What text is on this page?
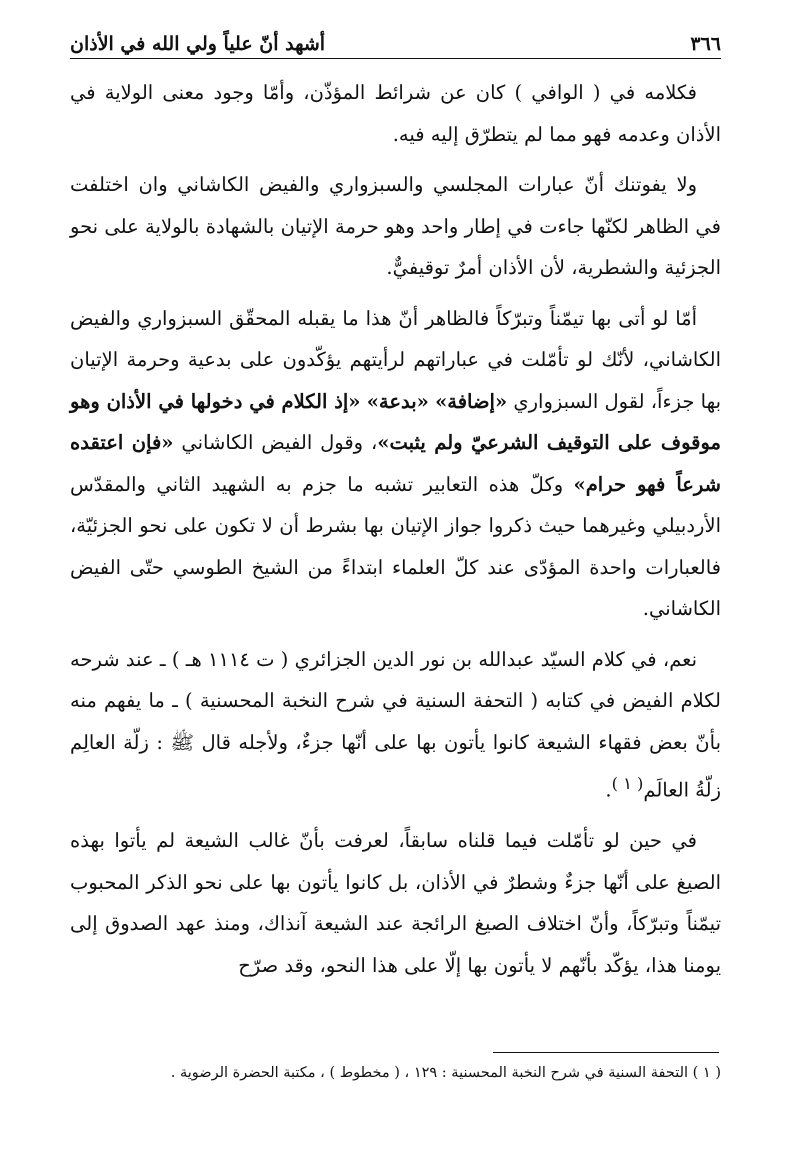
٣٦٦
أشهد أنّ علياً ولي الله في الأذان

فكلامه في ( الوافي ) كان عن شرائط المؤذّن، وأمّا وجود معنى الولاية في الأذان وعدمه فهو مما لم يتطرّق إليه فيه.

ولا يفوتنك أنّ عبارات المجلسي والسبزواري والفيض الكاشاني وان اختلفت في الظاهر لكنّها جاءت في إطار واحد وهو حرمة الإتيان بالشهادة بالولاية على نحو الجزئية والشطرية، لأن الأذان أمرٌ توقيفيٌّ.

أمّا لو أتى بها تيمّناً وتبرّكاً فالظاهر أنّ هذا ما يقبله المحقّق السبزواري والفيض الكاشاني، لأنّك لو تأمّلت في عباراتهم لرأيتهم يؤكّدون على بدعية وحرمة الإتيان بها جزءاً، لقول السبزواري «إضافة» «بدعة» «إذ الكلام في دخولها في الأذان وهو موقوف على التوقيف الشرعيّ ولم يثبت»، وقول الفيض الكاشاني «فإن اعتقده شرعاً فهو حرام» وكلّ هذه التعابير تشبه ما جزم به الشهيد الثاني والمقدّس الأردبيلي وغيرهما حيث ذكروا جواز الإتيان بها بشرط أن لا تكون على نحو الجزئيّة، فالعبارات واحدة المؤدّى عند كلّ العلماء ابتداءً من الشيخ الطوسي حتّى الفيض الكاشاني.

نعم، في كلام السيّد عبدالله بن نور الدين الجزائري ( ت ١١١٤ هـ ) ـ عند شرحه لكلام الفيض في كتابه ( التحفة السنية في شرح النخبة المحسنية ) ـ ما يفهم منه بأنّ بعض فقهاء الشيعة كانوا يأتون بها على أنّها جزءٌ، ولأجله قال ﷺ : زلّة العالِم زلّةُ العالَم$^{( ١ )}$.

في حين لو تأمّلت فيما قلناه سابقاً، لعرفت بأنّ غالب الشيعة لم يأتوا بهذه الصيغ على أنّها جزءٌ وشطرٌ في الأذان، بل كانوا يأتون بها على نحو الذكر المحبوب تيمّناً وتبرّكاً، وأنّ اختلاف الصيغ الرائجة عند الشيعة آنذاك، ومنذ عهد الصدوق إلى يومنا هذا، يؤكّد بأنّهم لا يأتون بها إلّا على هذا النحو، وقد صرّح

( ١ ) التحفة السنية في شرح النخبة المحسنية : ١٢٩ ، ( مخطوط ) ، مكتبة الحضرة الرضوية .
